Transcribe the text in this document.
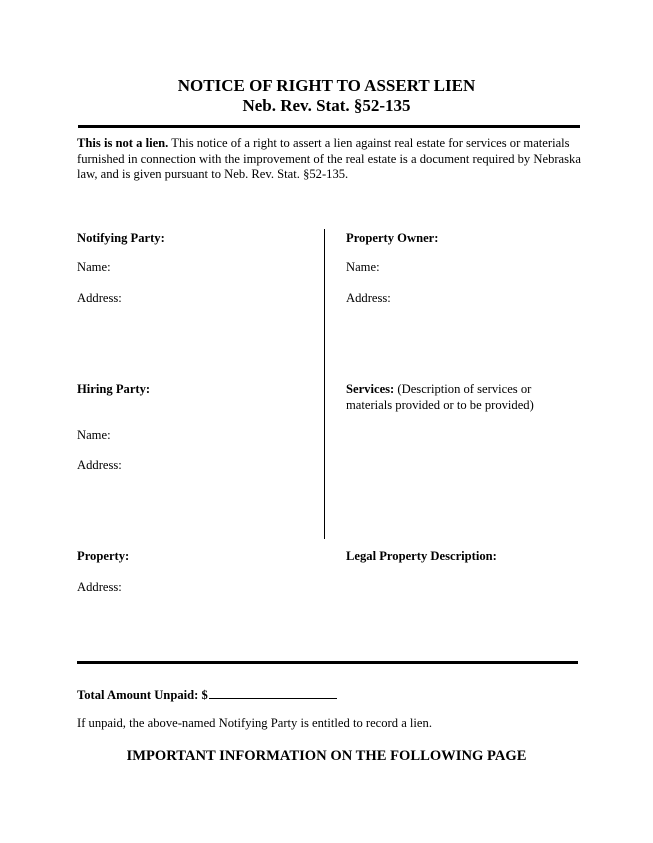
NOTICE OF RIGHT TO ASSERT LIEN
Neb. Rev. Stat. §52-135
This is not a lien. This notice of a right to assert a lien against real estate for services or materials furnished in connection with the improvement of the real estate is a document required by Nebraska law, and is given pursuant to Neb. Rev. Stat. §52-135.
Notifying Party:
Name:
Address:
Property Owner:
Name:
Address:
Hiring Party:
Name:
Address:
Services: (Description of services or materials provided or to be provided)
Property:
Address:
Legal Property Description:
Total Amount Unpaid: $
If unpaid, the above-named Notifying Party is entitled to record a lien.
IMPORTANT INFORMATION ON THE FOLLOWING PAGE
